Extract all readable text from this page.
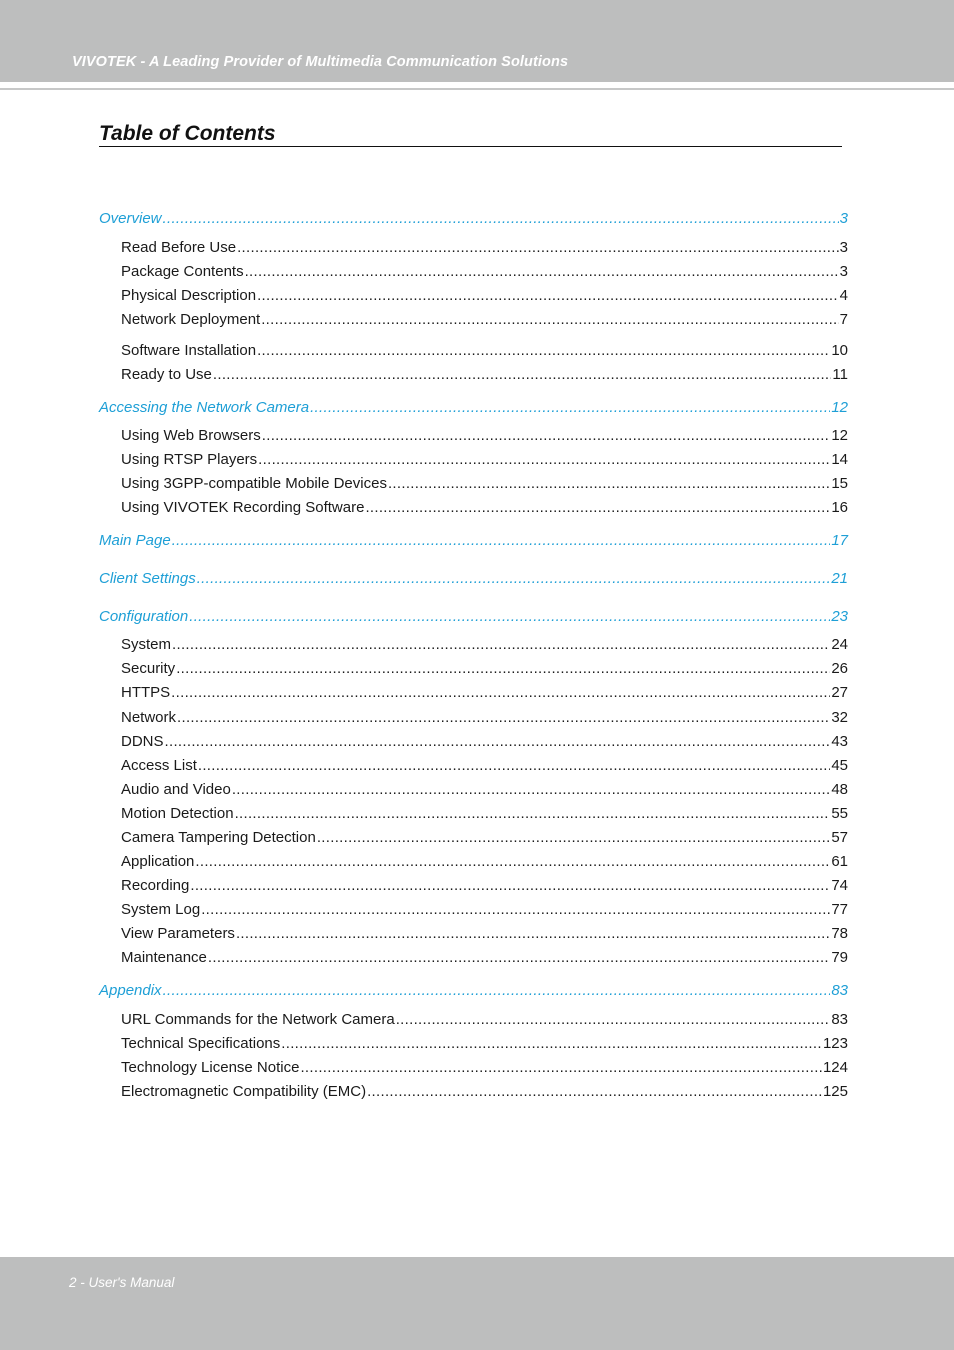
VIVOTEK - A Leading Provider of Multimedia Communication Solutions
Table of Contents
Overview .....	3
Read Before Use .....	3
Package Contents .....	3
Physical Description .....	4
Network Deployment .....	7
Software Installation .....	10
Ready to Use .....	11
Accessing the Network Camera .....	12
Using Web Browsers .....	12
Using RTSP Players .....	14
Using 3GPP-compatible Mobile Devices .....	15
Using VIVOTEK Recording Software .....	16
Main Page .....	17
Client Settings .....	21
Configuration .....	23
System .....	24
Security .....	26
HTTPS .....	27
Network .....	32
DDNS .....	43
Access List .....	45
Audio and Video .....	48
Motion Detection .....	55
Camera Tampering Detection .....	57
Application .....	61
Recording .....	74
System Log .....	77
View Parameters .....	78
Maintenance .....	79
Appendix .....	83
URL Commands for the Network Camera .....	83
Technical Specifications .....	123
Technology License Notice .....	124
Electromagnetic Compatibility (EMC) .....	125
2 - User's Manual
